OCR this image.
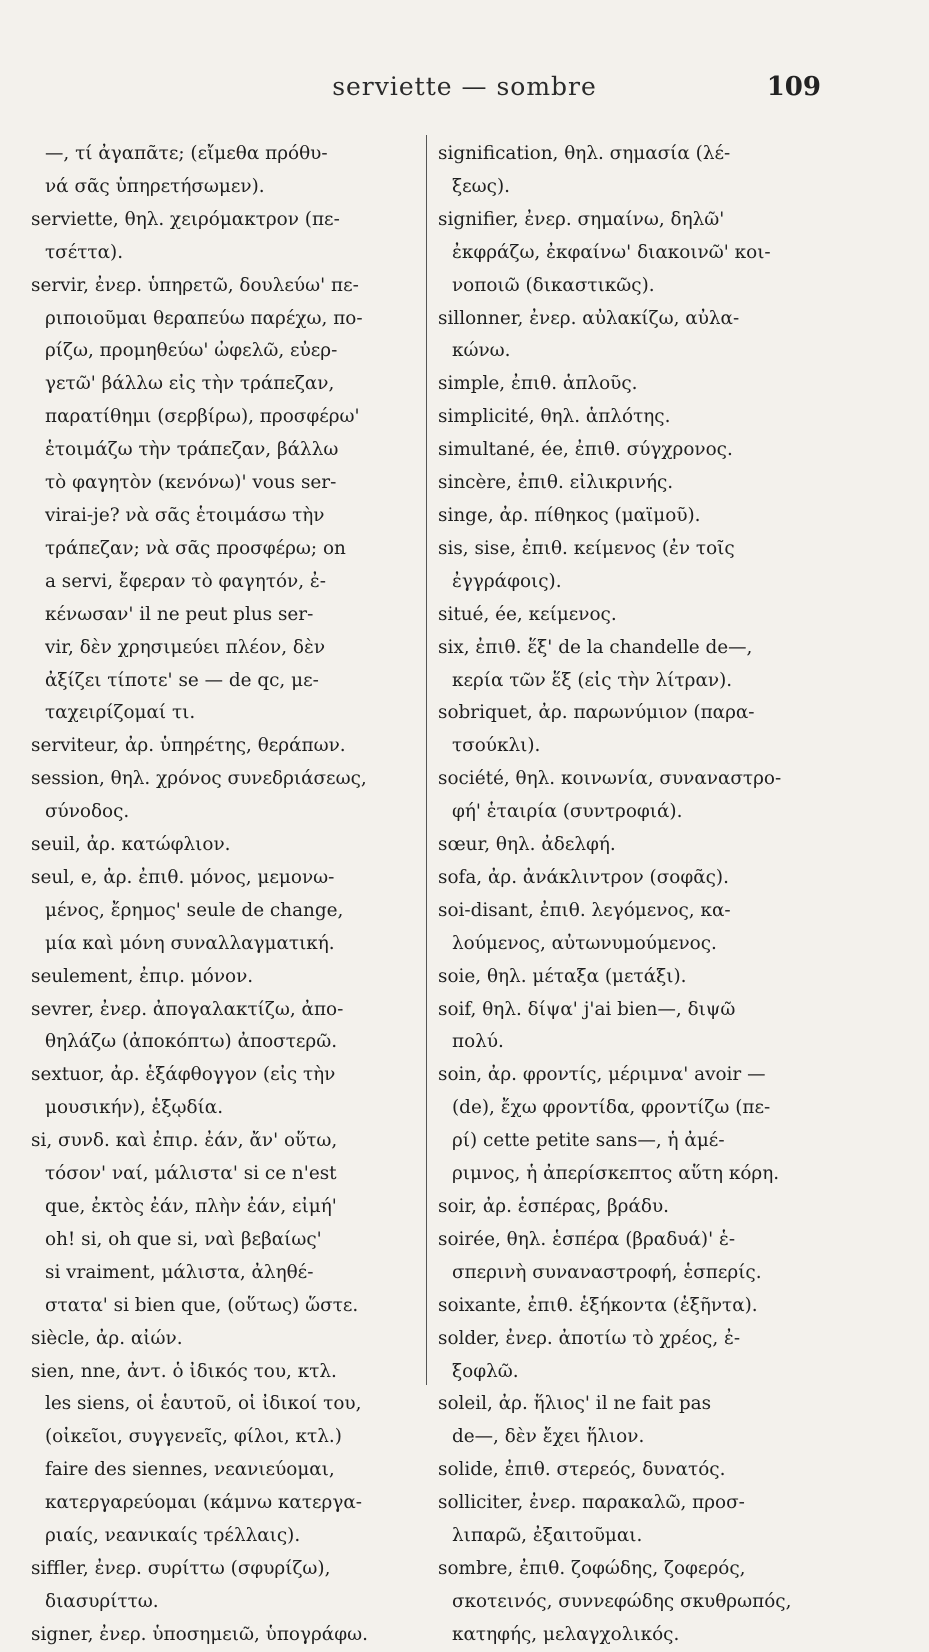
serviette — sombre	109
—, τί ἀγαπᾶτε; (εἴμεθα πρόθυ-
νά σᾶς ὑπηρετήσωμεν).
serviette, θηλ. χειρόμακτρον (πε-
τσέττα).
servir, ἐνερ. ὑπηρετῶ, δουλεύω' πε-
ριποιοῦμαι θεραπεύω παρέχω, πο-
ρίζω, προμηθεύω' ὠφελῶ, εὐερ-
γετῶ' βάλλω εἰς τὴν τράπεζαν,
παρατίθημι (σερβίρω), προσφέρω'
ἑτοιμάζω τὴν τράπεζαν, βάλλω
τὸ φαγητὸν (κενόνω)' vous ser-
virai-je? νὰ σᾶς ἑτοιμάσω τὴν
τράπεζαν; νὰ σᾶς προσφέρω; on
a servi, ἔφεραν τὸ φαγητόν, ἐ-
κένωσαν' il ne peut plus ser-
vir, δὲν χρησιμεύει πλέον, δὲν
ἀξίζει τίποτε' se — de qc, με-
ταχειρίζομαί τι.
serviteur, ἀρ. ὑπηρέτης, θεράπων.
session, θηλ. χρόνος συνεδριάσεως,
σύνοδος.
seuil, ἀρ. κατώφλιον.
seul, e, ἀρ. ἐπιθ. μόνος, μεμονω-
μένος, ἔρημος' seule de change,
μία καὶ μόνη συναλλαγματική.
seulement, ἐπιρ. μόνον.
sevrer, ἐνερ. ἀπογαλακτίζω, ἀπο-
θηλάζω (ἀποκόπτω) ἀποστερῶ.
sextuor, ἀρ. ἑξάφθογγον (εἰς τὴν
μουσικήν), ἑξῳδία.
si, συνδ. καὶ ἐπιρ. ἐάν, ἄν' οὕτω,
τόσον' ναί, μάλιστα' si ce n'est
que, ἐκτὸς ἐάν, πλὴν ἐάν, εἰμή'
oh! si, oh que si, ναὶ βεβαίως'
si vraiment, μάλιστα, ἀληθέ-
στατα' si bien que, (οὕτως) ὥστε.
siècle, ἀρ. αἰών.
sien, nne, ἀντ. ὁ ἰδικός του, κτλ.
les siens, οἱ ἑαυτοῦ, οἱ ἰδικοί του,
(οἰκεῖοι, συγγενεῖς, φίλοι, κτλ.)
faire des siennes, νεανιεύομαι,
κατεργαρεύομαι (κάμνω κατεργα-
ριαίς, νεανικαίς τρέλλαις).
siffler, ἐνερ. συρίττω (σφυρίζω),
διασυρίττω.
signer, ἐνερ. ὑποσημειῶ, ὑπογράφω.
signification, θηλ. σημασία (λέ-
ξεως).
signifier, ἐνερ. σημαίνω, δηλῶ'
ἐκφράζω, ἐκφαίνω' διακοινῶ' κοι-
νοποιῶ (δικαστικῶς).
sillonner, ἐνερ. αὐλακίζω, αὐλα-
κώνω.
simple, ἐπιθ. ἁπλοῦς.
simplicité, θηλ. ἁπλότης.
simultané, ée, ἐπιθ. σύγχρονος.
sincère, ἐπιθ. εἰλικρινής.
singe, ἀρ. πίθηκος (μαϊμοῦ).
sis, sise, ἐπιθ. κείμενος (ἐν τοῖς
ἐγγράφοις).
situé, ée, κείμενος.
six, ἐπιθ. ἕξ' de la chandelle de—,
κερία τῶν ἕξ (εἰς τὴν λίτραν).
sobriquet, ἀρ. παρωνύμιον (παρα-
τσούκλι).
société, θηλ. κοινωνία, συναναστρο-
φή' ἑταιρία (συντροφιά).
sœur, θηλ. ἀδελφή.
sofa, ἀρ. ἀνάκλιντρον (σοφᾶς).
soi-disant, ἐπιθ. λεγόμενος, κα-
λούμενος, αὐτωνυμούμενος.
soie, θηλ. μέταξα (μετάξι).
soif, θηλ. δίψα' j'ai bien—, διψῶ
πολύ.
soin, ἀρ. φροντίς, μέριμνα' avoir —
(de), ἔχω φροντίδα, φροντίζω (πε-
ρί) cette petite sans—, ἡ ἀμέ-
ριμνος, ἡ ἀπερίσκεπτος αὕτη κόρη.
soir, ἀρ. ἑσπέρας, βράδυ.
soirée, θηλ. ἑσπέρα (βραδυά)' ἑ-
σπερινὴ συναναστροφή, ἑσπερίς.
soixante, ἐπιθ. ἑξήκοντα (ἑξῆντα).
solder, ἐνερ. ἀποτίω τὸ χρέος, ἐ-
ξοφλῶ.
soleil, ἀρ. ἥλιος' il ne fait pas
de—, δὲν ἔχει ἥλιον.
solide, ἐπιθ. στερεός, δυνατός.
solliciter, ἐνερ. παρακαλῶ, προσ-
λιπαρῶ, ἐξαιτοῦμαι.
sombre, ἐπιθ. ζοφώδης, ζοφερός,
σκοτεινός, συννεφώδης σκυθρωπός,
κατηφής, μελαγχολικός.
